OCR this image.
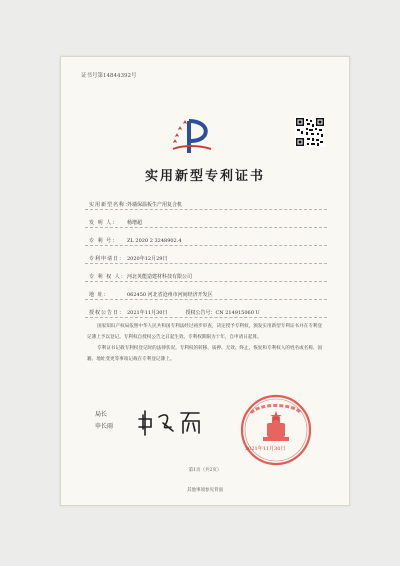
证书号第14844392号
实用新型专利证书
实用新型名称：外墙保温板生产用复合机
发 明 人： 杨增超
专 利 号： ZL 2020 2 3248902.4
专利申请日： 2020年12月29日
专 利 权 人：河北英能造建材科技有限公司
地 址：	062450 河北省沧州市河间经济开发区
授权公告日： 2021年11月30日	授权公告号：CN 214915060 U

国家知识产权局依照中华人民共和国专利法经过初步审查，决定授予专利权，颁发实用新型专利证书并在专利登记簿上予以登记。专利权自授权公告之日起生效。专利权期限为十年，自申请日起算。

专利证书记载专利权登记时的法律状况。专利权的转移、质押、无效、终止、恢复和专利权人的姓名或名称、国籍、地址变更等事项记载在专利登记簿上。

局长
申长雨
2021年11月30日
第1页（共2页）
其他事项参见背面
